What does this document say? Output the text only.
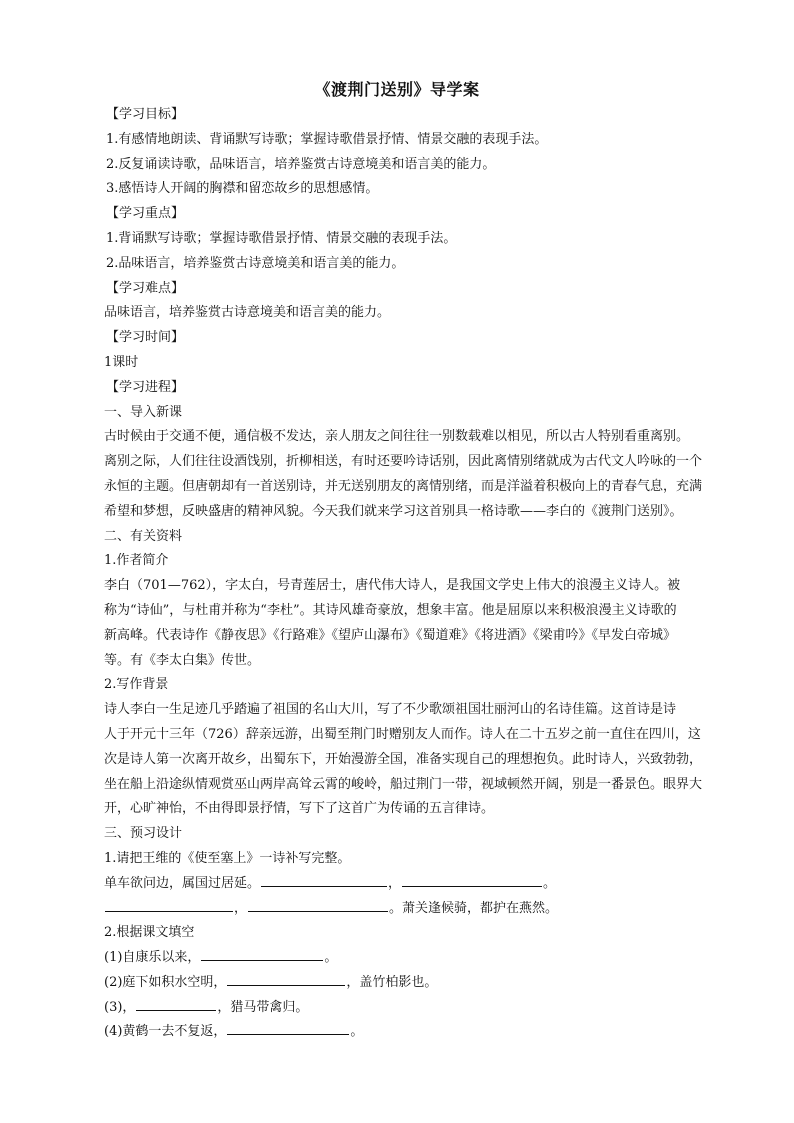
《渡荆门送别》导学案
【学习目标】
1.有感情地朗读、背诵默写诗歌；掌握诗歌借景抒情、情景交融的表现手法。
2.反复诵读诗歌，品味语言，培养鉴赏古诗意境美和语言美的能力。
3.感悟诗人开阔的胸襟和留恋故乡的思想感情。
【学习重点】
1.背诵默写诗歌；掌握诗歌借景抒情、情景交融的表现手法。
2.品味语言，培养鉴赏古诗意境美和语言美的能力。
【学习难点】
品味语言，培养鉴赏古诗意境美和语言美的能力。
【学习时间】
1课时
【学习进程】
一、导入新课
古时候由于交通不便，通信极不发达，亲人朋友之间往往一别数载难以相见，所以古人特别看重离别。
离别之际，人们往往设酒饯别，折柳相送，有时还要吟诗话别，因此离情别绪就成为古代文人吟咏的一个
永恒的主题。但唐朝却有一首送别诗，并无送别朋友的离情别绪，而是洋溢着积极向上的青春气息，充满
希望和梦想，反映盛唐的精神风貌。今天我们就来学习这首别具一格诗歌——李白的《渡荆门送别》。
二、有关资料
1.作者简介
李白（701—762），字太白，号青莲居士，唐代伟大诗人，是我国文学史上伟大的浪漫主义诗人。被
称为“诗仙”，与杜甫并称为“李杜”。其诗风雄奇豪放，想象丰富。他是屈原以来积极浪漫主义诗歌的
新高峰。代表诗作《静夜思》《行路难》《望庐山瀑布》《蜀道难》《将进酒》《梁甫吟》《早发白帝城》
等。有《李太白集》传世。
2.写作背景
诗人李白一生足迹几乎踏遍了祖国的名山大川，写了不少歌颂祖国壮丽河山的名诗佳篇。这首诗是诗
人于开元十三年（726）辞亲远游，出蜀至荆门时赠别友人而作。诗人在二十五岁之前一直住在四川，这
次是诗人第一次离开故乡，出蜀东下，开始漫游全国，准备实现自己的理想抱负。此时诗人，兴致勃勃，
坐在船上沿途纵情观赏巫山两岸高耸云霄的峻岭，船过荆门一带，视域顿然开阔，别是一番景色。眼界大
开，心旷神怡，不由得即景抒情，写下了这首广为传诵的五言律诗。
三、预习设计
1.请把王维的《使至塞上》一诗补写完整。
单车欲问边，属国过居延。	，	。
，	。萧关逢候骑，都护在燕然。
2.根据课文填空
(1)自康乐以来，	。
(2)庭下如积水空明，	，盖竹柏影也。
(3)，	，猎马带禽归。
(4)黄鹤一去不复返，	。
